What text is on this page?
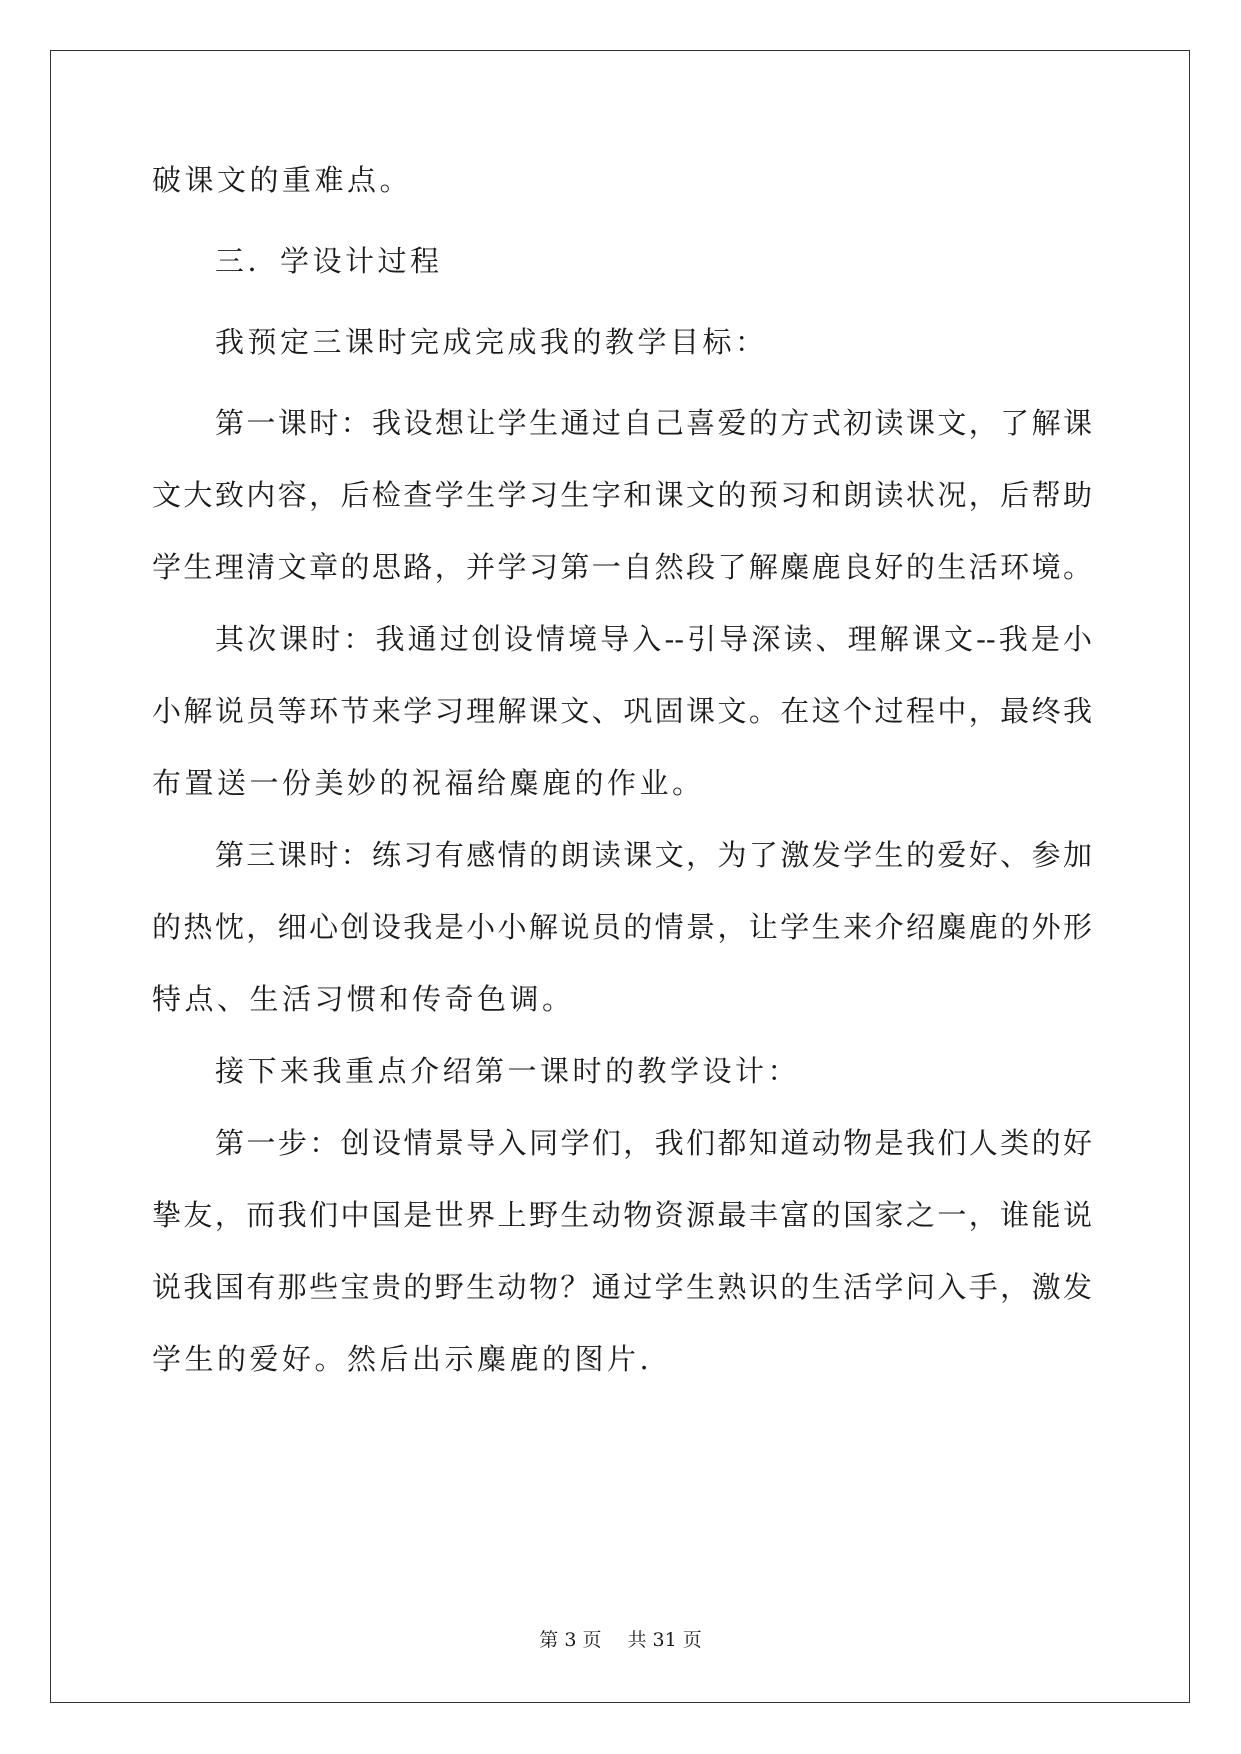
破课文的重难点。
三．学设计过程
我预定三课时完成完成我的教学目标：
第一课时：我设想让学生通过自己喜爱的方式初读课文，了解课
文大致内容，后检查学生学习生字和课文的预习和朗读状况，后帮助
学生理清文章的思路，并学习第一自然段了解麋鹿良好的生活环境。
其次课时：我通过创设情境导入--引导深读、理解课文--我是小
小解说员等环节来学习理解课文、巩固课文。在这个过程中，最终我
布置送一份美妙的祝福给麋鹿的作业。
第三课时：练习有感情的朗读课文，为了激发学生的爱好、参加
的热忱，细心创设我是小小解说员的情景，让学生来介绍麋鹿的外形
特点、生活习惯和传奇色调。
接下来我重点介绍第一课时的教学设计：
第一步：创设情景导入同学们，我们都知道动物是我们人类的好
挚友，而我们中国是世界上野生动物资源最丰富的国家之一，谁能说
说我国有那些宝贵的野生动物？通过学生熟识的生活学问入手，激发
学生的爱好。然后出示麋鹿的图片.
第 3 页 共 31 页
